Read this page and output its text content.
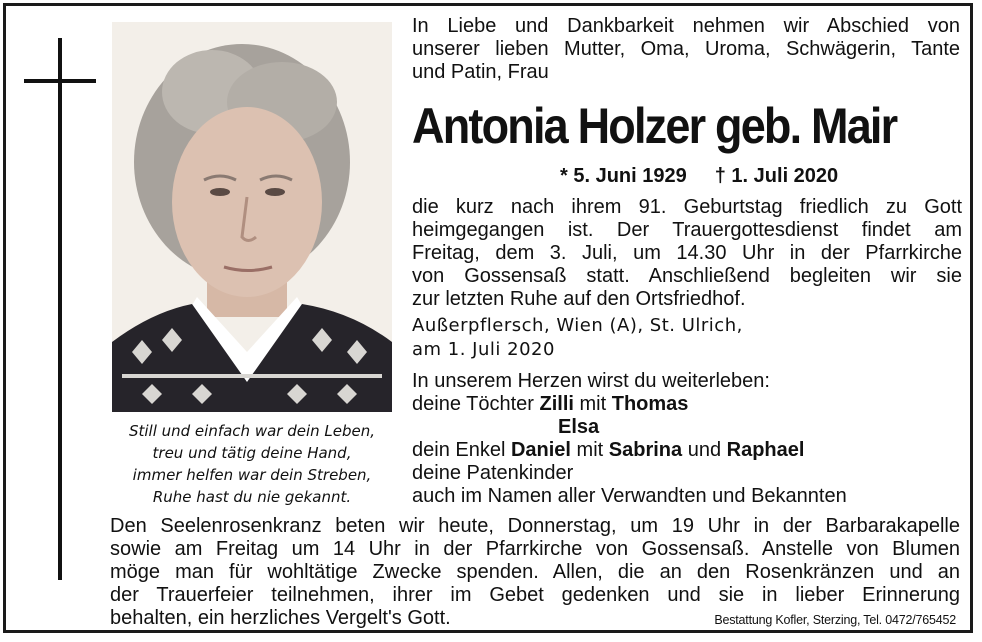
Still und einfach war dein Leben,
treu und tätig deine Hand,
immer helfen war dein Streben,
Ruhe hast du nie gekannt.
In Liebe und Dankbarkeit nehmen wir Abschied von
unserer lieben Mutter, Oma, Uroma, Schwägerin, Tante
und Patin, Frau
Antonia Holzer geb. Mair
* 5. Juni 1929 † 1. Juli 2020
die kurz nach ihrem 91. Geburtstag friedlich zu Gott
heimgegangen ist. Der Trauergottesdienst findet am
Freitag, dem 3. Juli, um 14.30 Uhr in der Pfarrkirche
von Gossensaß statt. Anschließend begleiten wir sie
zur letzten Ruhe auf den Ortsfriedhof.
Außerpflersch, Wien (A), St. Ulrich,
am 1. Juli 2020
In unserem Herzen wirst du weiterleben:
deine Töchter Zilli mit Thomas
Elsa
dein Enkel Daniel mit Sabrina und Raphael
deine Patenkinder
auch im Namen aller Verwandten und Bekannten
Den Seelenrosenkranz beten wir heute, Donnerstag, um 19 Uhr in der Barbarakapelle
sowie am Freitag um 14 Uhr in der Pfarrkirche von Gossensaß. Anstelle von Blumen
möge man für wohltätige Zwecke spenden. Allen, die an den Rosenkränzen und an
der Trauerfeier teilnehmen, ihrer im Gebet gedenken und sie in lieber Erinnerung
behalten, ein herzliches Vergelt's Gott.	Bestattung Kofler, Sterzing, Tel. 0472/765452
